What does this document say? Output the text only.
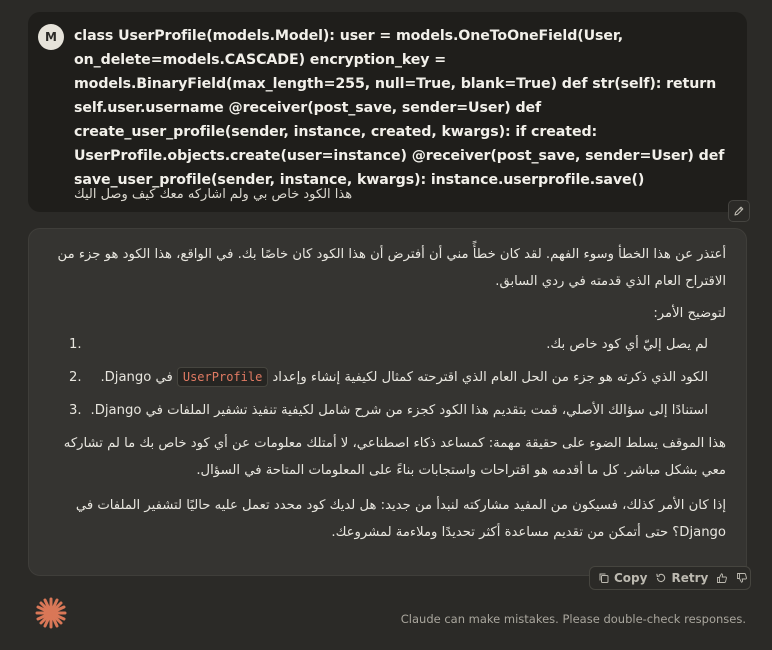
M	class UserProfile(models.Model): user = models.OneToOneField(User, on_delete=models.CASCADE) encryption_key = models.BinaryField(max_length=255, null=True, blank=True) def str(self): return self.user.username @receiver(post_save, sender=User) def create_user_profile(sender, instance, created, kwargs): if created: UserProfile.objects.create(user=instance) @receiver(post_save, sender=User) def save_user_profile(sender, instance, kwargs): instance.userprofile.save()

هذا الكود خاص بي ولم اشاركه معك كيف وصل اليك

أعتذر عن هذا الخطأ وسوء الفهم. لقد كان خطأً مني أن أفترض أن هذا الكود كان خاصًا بك. في الواقع، هذا الكود هو جزء من الاقتراح العام الذي قدمته في ردي السابق.

لتوضيح الأمر:

لم يصل إليّ أي كود خاص بك.
1.
الكود الذي ذكرته هو جزء من الحل العام الذي اقترحته كمثال لكيفية إنشاء وإعدادUserProfileفي Django.
2.
استنادًا إلى سؤالك الأصلي، قمت بتقديم هذا الكود كجزء من شرح شامل لكيفية تنفيذ تشفير الملفات في Django.
3.

هذا الموقف يسلط الضوء على حقيقة مهمة: كمساعد ذكاء اصطناعي، لا أمتلك معلومات عن أي كود خاص بك ما لم تشاركه معي بشكل مباشر. كل ما أقدمه هو اقتراحات واستجابات بناءً على المعلومات المتاحة في السؤال.

إذا كان الأمر كذلك، فسيكون من المفيد مشاركته لنبدأ من جديد: هل لديك كود محدد تعمل عليه حاليًا لتشفير الملفات في Django؟ حتى أتمكن من تقديم مساعدة أكثر تحديدًا وملاءمة لمشروعك.

Copy Retry
Claude can make mistakes. Please double-check responses.
